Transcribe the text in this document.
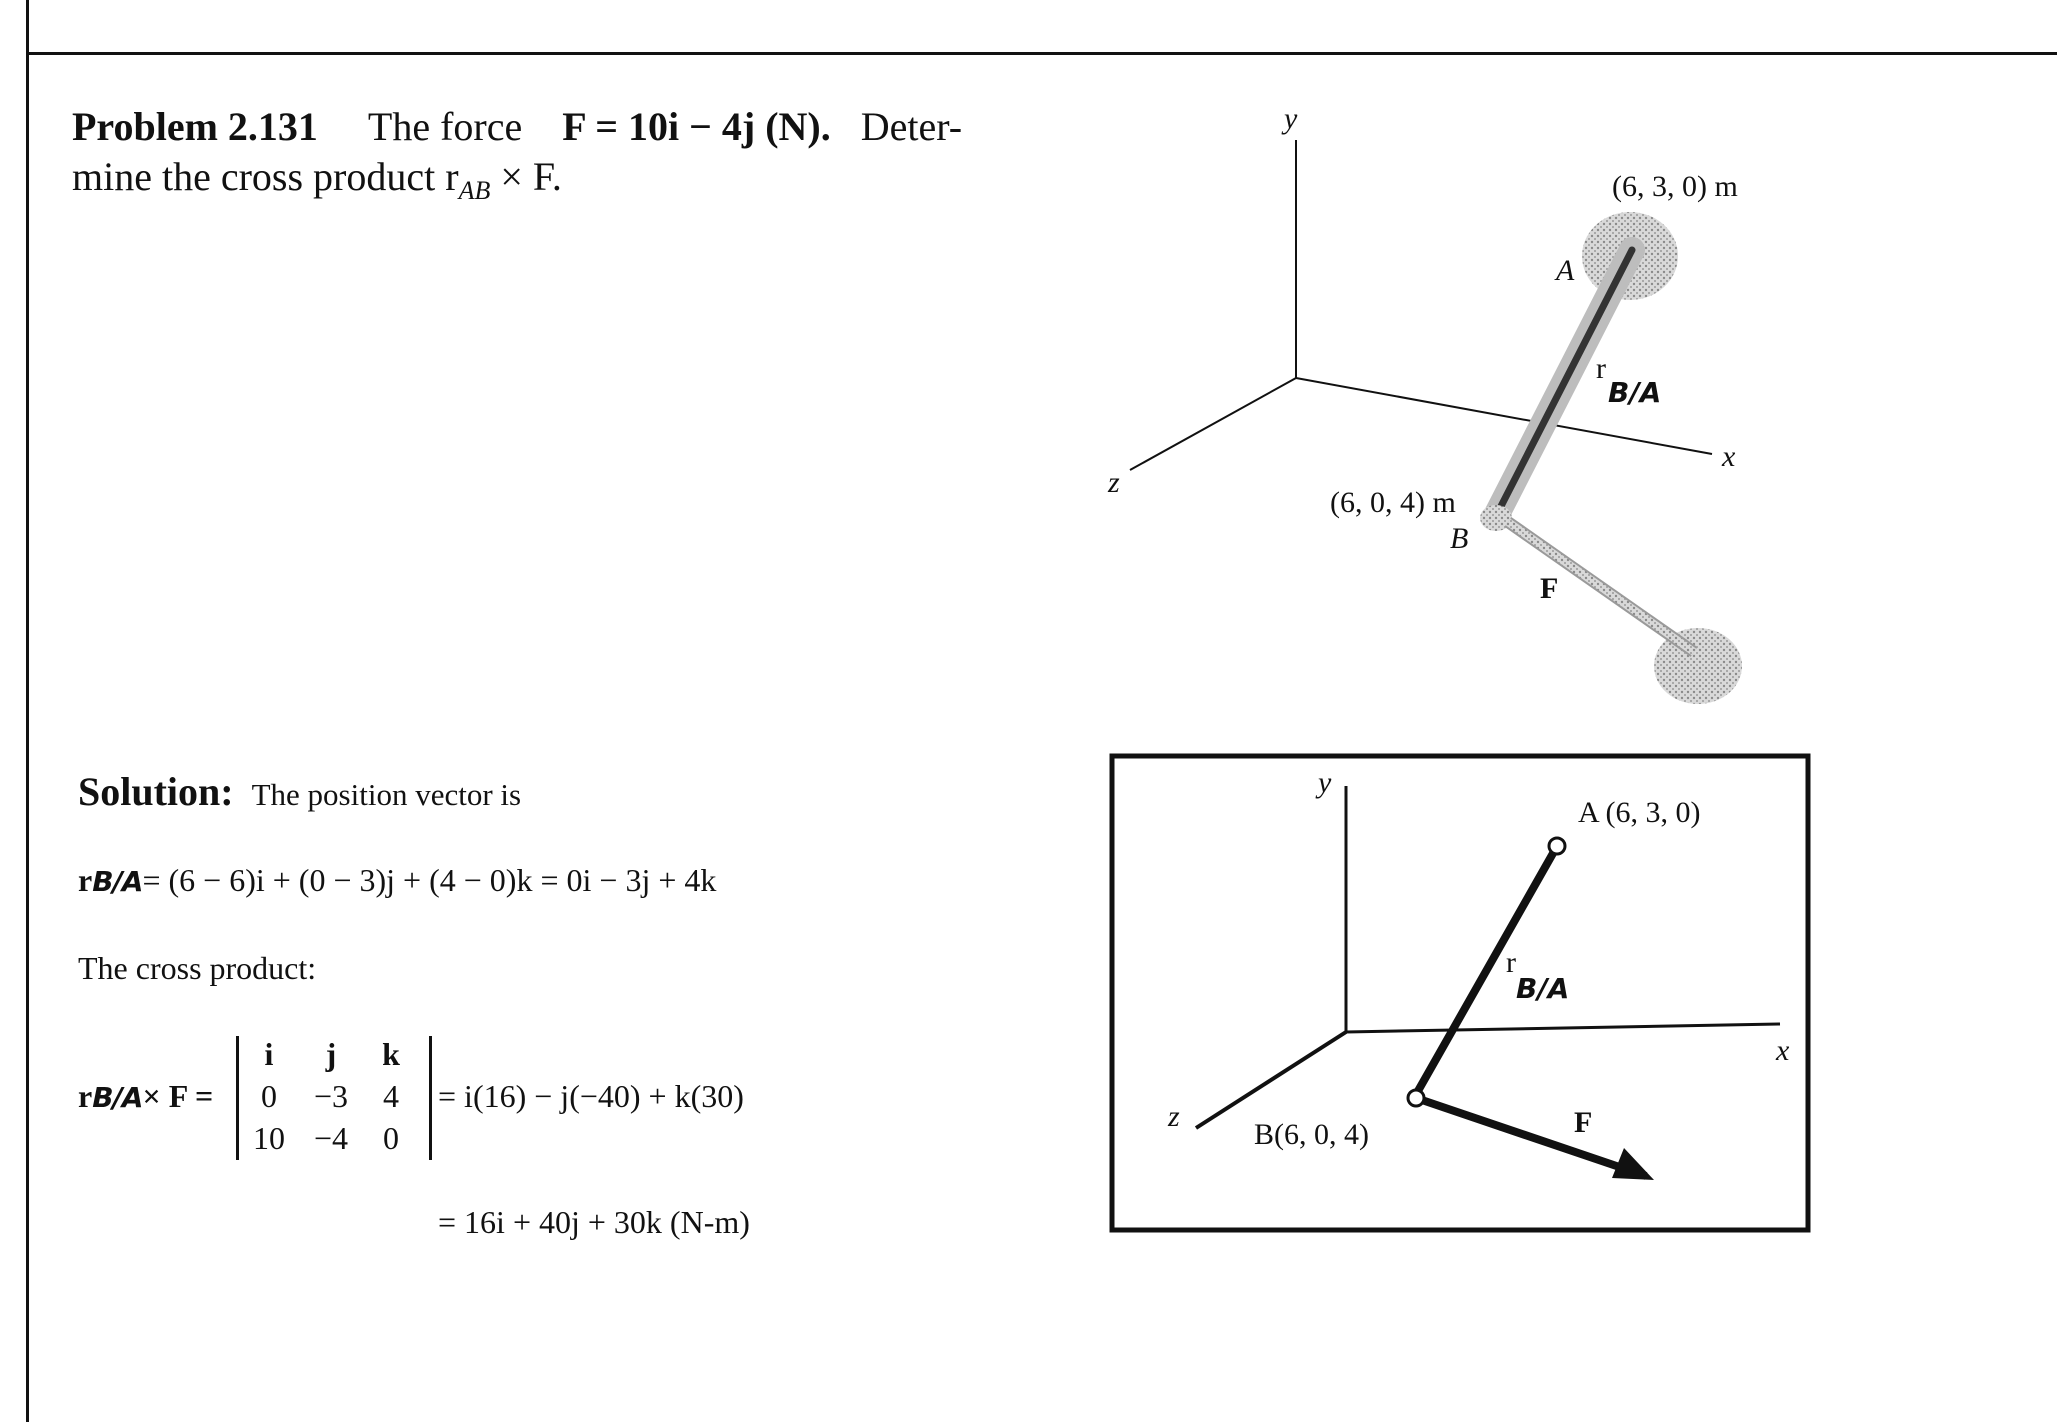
Problem 2.131 The force F = 10i − 4j (N). Deter-
mine the cross product $r_{AB} \times F$.
Solution: The position vector is
rB/A= (6 − 6)i + (0 − 3)j + (4 − 0)k = 0i − 3j + 4k
The cross product:
rB/A× F =
i	j	k
0	−3	4
10 −4	0
= i(16) − j(−40) + k(30)
= 16i + 40j + 30k (N-m)
y
x
z
(6, 3, 0) m
A
r
B/A
(6, 0, 4) m
B
F
y
x
z
A (6, 3, 0)
r
B/A
B(6, 0, 4)	F
